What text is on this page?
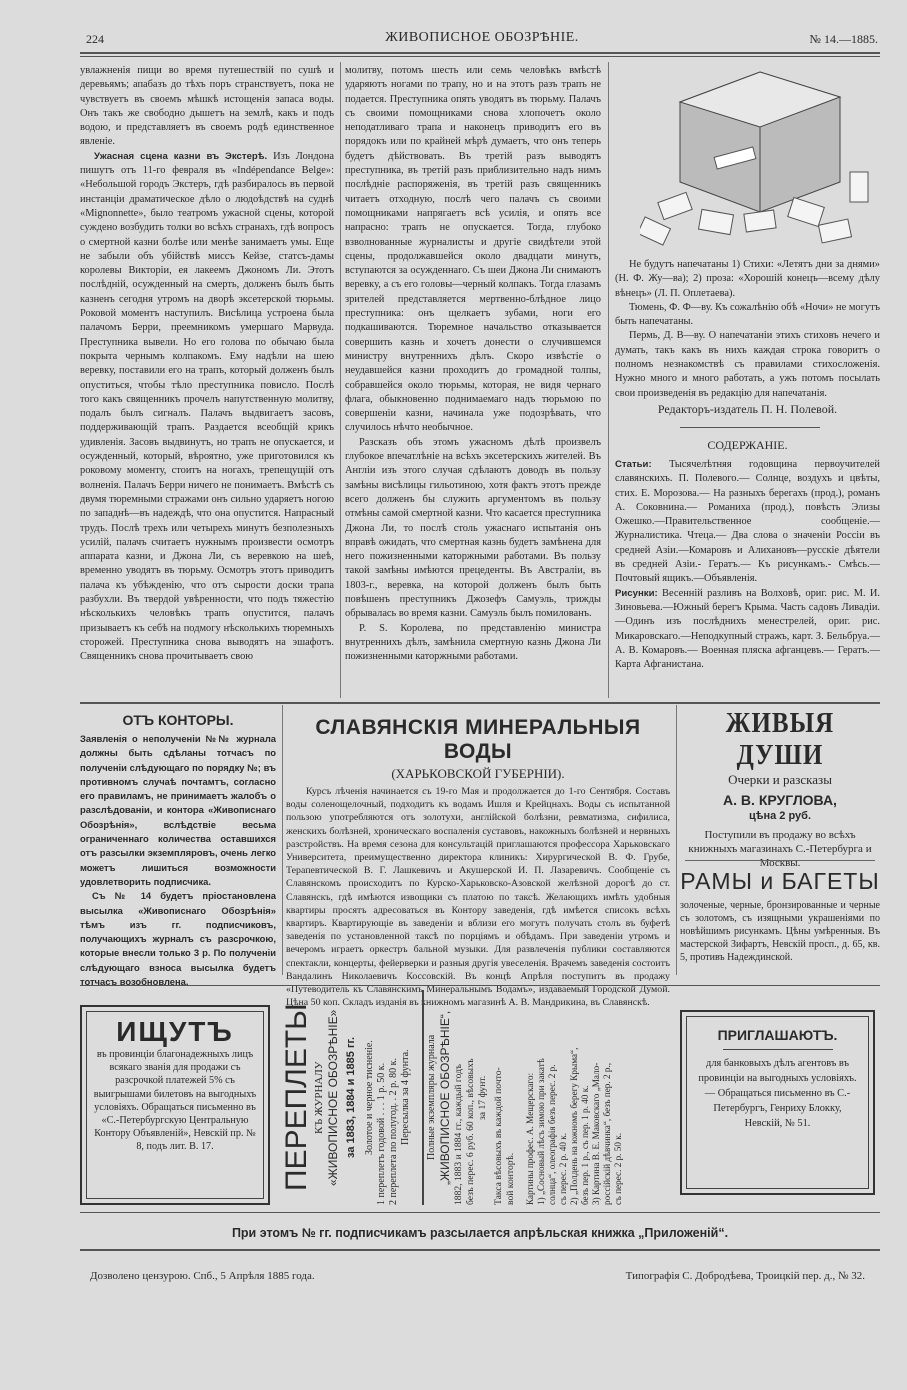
224	ЖИВОПИСНОЕ ОБОЗРѢНІЕ.	№ 14.—1885.

увлажненія пищи во время путешествій по сушѣ и деревьямъ; апабазъ до тѣхъ поръ странствуетъ, пока не чувствуетъ въ своемъ мѣшкѣ истощенія запаса воды. Онъ такъ же свободно дышетъ на землѣ, какъ и подъ водою, и представляетъ въ своемъ родѣ единственное явленіе.

Ужасная сцена казни въ Экстерѣ. Изъ Лондона пишутъ отъ 11-го февраля въ «Indépendance Belge»: «Небольшой городъ Экстеръ, гдѣ разбиралось въ первой инстанціи драматическое дѣло о людоѣдствѣ на суднѣ «Mignonnette», было театромъ ужасной сцены, которой суждено возбудить толки во всѣхъ странахъ, гдѣ вопросъ о смертной казни болѣе или менѣе занимаетъ умы. Еще не забыли объ убійствѣ миссъ Кейзе, статсъ-дамы королевы Викторіи, ея лакеемъ Джономъ Ли. Этотъ послѣдній, осужденный на смерть, долженъ былъ быть казненъ сегодня утромъ на дворѣ эксетерской тюрьмы. Роковой моментъ наступилъ. Висѣлица устроена была палачомъ Берри, преемникомъ умершаго Марвуда. Преступника вывели. Но его голова по обычаю была покрыта чернымъ колпакомъ. Ему надѣли на шею веревку, поставили его на трапъ, который долженъ былъ опуститься, чтобы тѣло преступника повисло. Послѣ того какъ священникъ прочелъ напутственную молитву, подалъ былъ сигналъ. Палачъ выдвигаетъ засовъ, поддерживающій трапъ. Раздается всеобщій крикъ удивленія. Засовъ выдвинутъ, но трапъ не опускается, и осужденный, который, вѣроятно, уже приготовился къ роковому моменту, стоитъ на ногахъ, трепещущій отъ волненія. Палачъ Берри ничего не понимаетъ. Вмѣстѣ съ двумя тюремными стражами онъ сильно ударяетъ ногою по западнѣ—въ надеждѣ, что она опустится. Напрасный трудъ. Послѣ трехъ или четырехъ минутъ безполезныхъ усилій, палачъ считаетъ нужнымъ произвести осмотръ аппарата казни, и Джона Ли, съ веревкою на шеѣ, временно уводятъ въ тюрьму. Осмотръ этотъ приводитъ палача къ убѣжденію, что отъ сырости доски трапа разбухли. Въ твердой увѣренности, что подъ тяжестію нѣсколькихъ человѣкъ трапъ опустится, палачъ призываетъ къ себѣ на подмогу нѣсколькихъ тюремныхъ сторожей. Преступника снова выводятъ на эшафотъ. Священникъ снова прочитываетъ свою

молитву, потомъ шесть или семь человѣкъ вмѣстѣ ударяютъ ногами по трапу, но и на этотъ разъ трапъ не подается. Преступника опять уводятъ въ тюрьму. Палачъ съ своими помощниками снова хлопочетъ около неподатливаго трапа и наконецъ приводитъ его въ порядокъ или по крайней мѣрѣ думаетъ, что онъ теперь будетъ дѣйствовать. Въ третій разъ выводятъ преступника, въ третій разъ приблизительно надъ нимъ послѣдніе распоряженія, въ третій разъ священникъ читаетъ отходную, послѣ чего палачъ съ своими помощниками напрягаетъ всѣ усилія, и опять все напрасно: трапъ не опускается. Тогда, глубоко взволнованные журналисты и другіе свидѣтели этой сцены, продолжавшейся около двадцати минутъ, вступаются за осужденнаго. Съ шеи Джона Ли снимаютъ веревку, а съ его головы—черный колпакъ. Тогда глазамъ зрителей представляется мертвенно-блѣдное лицо преступника: онъ щелкаетъ зубами, ноги его подкашиваются. Тюремное начальство отказывается совершить казнь и хочетъ донести о случившемся министру внутреннихъ дѣлъ. Скоро извѣстіе о неудавшейся казни проходитъ до громадной толпы, собравшейся около тюрьмы, которая, не видя чернаго флага, обыкновенно поднимаемаго надъ тюрьмою по совершеніи казни, начинала уже подозрѣвать, что случилось нѣчто необычное.

Разсказъ объ этомъ ужасномъ дѣлѣ произвелъ глубокое впечатлѣніе на всѣхъ эксетерскихъ жителей. Въ Англіи изъ этого случая сдѣлаютъ доводъ въ пользу замѣны висѣлицы гильотиною, хотя фактъ этотъ прежде всего долженъ бы служить аргументомъ въ пользу отмѣны самой смертной казни. Что касается преступника Джона Ли, то послѣ столь ужаснаго испытанія онъ вправѣ ожидать, что смертная казнь будетъ замѣнена для него пожизненными каторжными работами. Въ пользу такой замѣны имѣются прецеденты. Въ Австраліи, въ 1803-г., веревка, на которой долженъ былъ быть повѣшенъ преступникъ Джозефъ Самуэль, трижды обрывалась во время казни. Самуэль былъ помилованъ.

P. S. Королева, по представленію министра внутреннихъ дѣлъ, замѣнила смертную казнь Джона Ли пожизненными каторжными работами.

Не будутъ напечатаны 1) Стихи: «Летятъ дни за днями» (Н. Ф. Жу—ва); 2) проза: «Хорошій конецъ—всему дѣлу вѣнецъ» (Л. П. Оплетаева).

Тюмень, Ф. Ф—ву. Къ сожалѣнію обѣ «Ночи» не могутъ быть напечатаны.

Пермь, Д. В—ву. О напечатаніи этихъ стиховъ нечего и думать, такъ какъ въ нихъ каждая строка говоритъ о полномъ незнакомствѣ съ правилами стихосложенія. Нужно много и много работать, а ужъ потомъ посылать свои произведенія въ редакцію для напечатанія.

Редакторъ-издатель П. Н. Полевой.
СОДЕРЖАНІЕ.

Статьи: Тысячелѣтняя годовщина первоучителей славянскихъ. П. Полевого.— Солнце, воздухъ и цвѣты, стих. Е. Морозова.— На разныхъ берегахъ (прод.), романъ А. Соковнина.— Романиха (прод.), повѣсть Элизы Ожешко.—Правительственное сообщеніе.— Журналистика. Чтеца.— Два слова о значеніи Россіи въ средней Азіи.—Комаровъ и Алихановъ—русскіе дѣятели въ средней Азіи.- Гератъ.— Къ рисункамъ.- Смѣсь.— Почтовый ящикъ.—Объявленія.

Рисунки: Весенній разливъ на Волховѣ, ориг. рис. М. И. Зиновьева.—Южный берегъ Крыма. Часть садовъ Ливадіи.—Одинъ изъ послѣднихъ менестрелей, ориг. рис. Микаровскаго.—Неподкупный стражъ, карт. З. Бельбруа.— А. В. Комаровъ.— Военная пляска афганцевъ.— Гератъ.—Карта Афганистана.

ОТЪ КОНТОРЫ.
Заявленія о неполученіи №№ журнала должны быть сдѣланы тотчасъ по полученіи слѣдующаго по порядку №; въ противномъ случаѣ почтамтъ, согласно его правиламъ, не принимаетъ жалобъ о разслѣдованіи, и контора «Живописнаго Обозрѣнія», вслѣдствіе весьма ограниченнаго количества оставшихся отъ разсылки экземпляровъ, очень легко можетъ лишиться возможности удовлетворить подписчика.
Съ № 14 будетъ пріостановлена высылка «Живописнаго Обозрѣнія» тѣмъ изъ гг. подписчиковъ, получающихъ журналъ съ разсрочкою, которые внесли только 3 р. По полученіи слѣдующаго взноса высылка будетъ тотчасъ возобновлена.
СЛАВЯНСКІЯ МИНЕРАЛЬНЫЯ ВОДЫ
(ХАРЬКОВСКОЙ ГУБЕРНІИ).
Курсъ лѣченія начинается съ 19-го Мая и продолжается до 1-го Сентября. Составъ воды соленощелочный, подходитъ къ водамъ Ишля и Крейцнахъ. Воды съ испытанной пользою употребляются отъ золотухи, англійской болѣзни, ревматизма, сифилиса, женскихъ болѣзней, хроническаго воспаленія суставовъ, накожныхъ болѣзней и нервныхъ разстройствъ. На время сезона для консультацій приглашаются профессора Харьковскаго Университета, преимущественно директора клиникъ: Хирургической В. Ф. Грубе, Терапевтической В. Г. Лашкевичъ и Акушерской И. П. Лазаревичъ. Сообщеніе съ Славянскомъ происходитъ по Курско-Харьковско-Азовской желѣзной дорогѣ до ст. Славянскъ, гдѣ имѣются извощики съ платою по таксѣ. Желающихъ имѣть удобныя квартиры просятъ адресоваться въ Контору заведенія, гдѣ имѣется списокъ всѣхъ квартиръ. Квартирующіе въ заведеніи и вблизи его могутъ получать столъ въ буфетѣ заведенія по установленной таксѣ по порціямъ и обѣдамъ. При заведеніи утромъ и вечеромъ играетъ оркестръ бальной музыки. Для развлеченія публики составляются спектакли, концерты, фейерверки и разныя другія увеселенія. Врачемъ заведенія состоитъ Вандалинъ Николаевичъ Коссовскій. Въ концѣ Апрѣля поступитъ въ продажу «Путеводитель къ Славянскимъ Минеральнымъ Водамъ», издаваемый Городской Думой. Цѣна 50 коп. Складъ изданія въ книжномъ магазинѣ А. В. Мандрикина, въ Славянскѣ.
ЖИВЫЯ ДУШИ
Очерки и разсказы
А. В. КРУГЛОВА,
цѣна 2 руб.
Поступили въ продажу во всѣхъ книжныхъ магазинахъ С.-Петербурга и Москвы.
РАМЫ и БАГЕТЫ
золоченые, черные, бронзированные и черные съ золотомъ, съ изящными украшеніями по новѣйшимъ рисункамъ. Цѣны умѣренныя. Въ мастерской Зифартъ, Невскій просп., д. 65, кв. 5, противъ Надеждинской.
ИЩУТЪ
въ провинціи благонадежныхъ лицъ всякаго званія для продажи съ разсрочкой платежей 5% съ выигрышами билетовъ на выгодныхъ условіяхъ. Обращаться письменно въ «С.-Петербургскую Центральную Контору Объявленій», Невскій пр. № 8, подъ лит. В. 17.	ПЕРЕПЛЕТЫ КЪ ЖУРНАЛУ «ЖИВОПИСНОЕ ОБОЗРѢНІЕ» за 1883, 1884 и 1885 гг. Золотое и черное тисненіе. 1 переплетъ годовой . . . 1 р. 50 к. 2 переплета по полугод. . 2 р. 80 к. Пересылка за 4 фунта.	Полные экземпляры журнала „ЖИВОПИСНОЕ ОБОЗРѢНІЕ“, 1882, 1883 и 1884 гг., каждый годъ безъ перес. 6 руб. 60 коп., вѣсовыхъ за 17 фунт. Такса вѣсовыхъ въ каждой почто- вой конторѣ. Картины профес. А. Мещерскаго: 1) „Сосновый лѣсъ зимою при закатѣ солнца“, олеографія безъ перес. 2 р. съ перес. 2 р. 40 к. 2) „Полдень на южномъ берегу Крыма“, безъ пер. 1 р., съ пер. 1 р. 40 к. 3) Картина В. Е. Маковскаго „Мало- россійскій дѣвчинка“, безъ пер. 2 р., съ перес. 2 р. 50 к.
ПРИГЛАШАЮТЪ.
для банковыхъ дѣлъ агентовъ въ провинціи на выгодныхъ условіяхъ.— Обращаться письменно въ С.-Петербургъ, Генриху Блокку, Невскій, № 51.
При этомъ № гг. подписчикамъ разсылается апрѣльская книжка „Приложеній“.
Дозволено цензурою. Спб., 5 Апрѣля 1885 года.	Типографія С. Добродѣева, Троицкій пер. д., № 32.
